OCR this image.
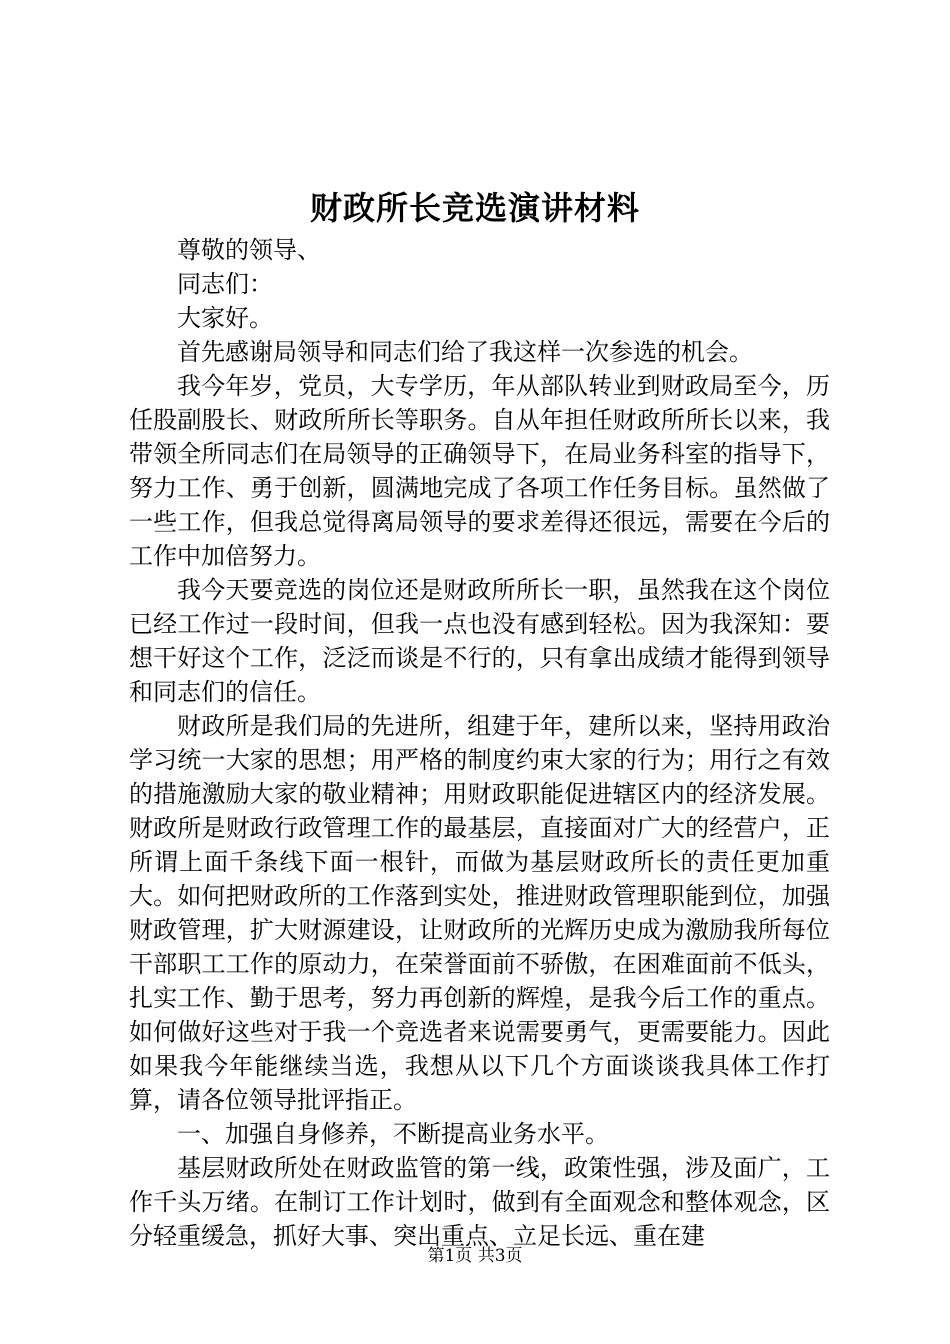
财政所长竞选演讲材料

尊敬的领导、

同志们：

大家好。

首先感谢局领导和同志们给了我这样一次参选的机会。

我今年岁，党员，大专学历，年从部队转业到财政局至今，历任股副股长、财政所所长等职务。自从年担任财政所所长以来，我带领全所同志们在局领导的正确领导下，在局业务科室的指导下，努力工作、勇于创新，圆满地完成了各项工作任务目标。虽然做了一些工作，但我总觉得离局领导的要求差得还很远，需要在今后的工作中加倍努力。

我今天要竞选的岗位还是财政所所长一职，虽然我在这个岗位已经工作过一段时间，但我一点也没有感到轻松。因为我深知：要想干好这个工作，泛泛而谈是不行的，只有拿出成绩才能得到领导和同志们的信任。

财政所是我们局的先进所，组建于年，建所以来，坚持用政治学习统一大家的思想；用严格的制度约束大家的行为；用行之有效的措施激励大家的敬业精神；用财政职能促进辖区内的经济发展。财政所是财政行政管理工作的最基层，直接面对广大的经营户，正所谓上面千条线下面一根针，而做为基层财政所长的责任更加重大。如何把财政所的工作落到实处，推进财政管理职能到位，加强财政管理，扩大财源建设，让财政所的光辉历史成为激励我所每位干部职工工作的原动力，在荣誉面前不骄傲，在困难面前不低头，扎实工作、勤于思考，努力再创新的辉煌，是我今后工作的重点。如何做好这些对于我一个竞选者来说需要勇气，更需要能力。因此如果我今年能继续当选，我想从以下几个方面谈谈我具体工作打算，请各位领导批评指正。

一、加强自身修养，不断提高业务水平。

基层财政所处在财政监管的第一线，政策性强，涉及面广，工作千头万绪。在制订工作计划时，做到有全面观念和整体观念，区分轻重缓急，抓好大事、突出重点、立足长远、重在建

第1页 共3页
